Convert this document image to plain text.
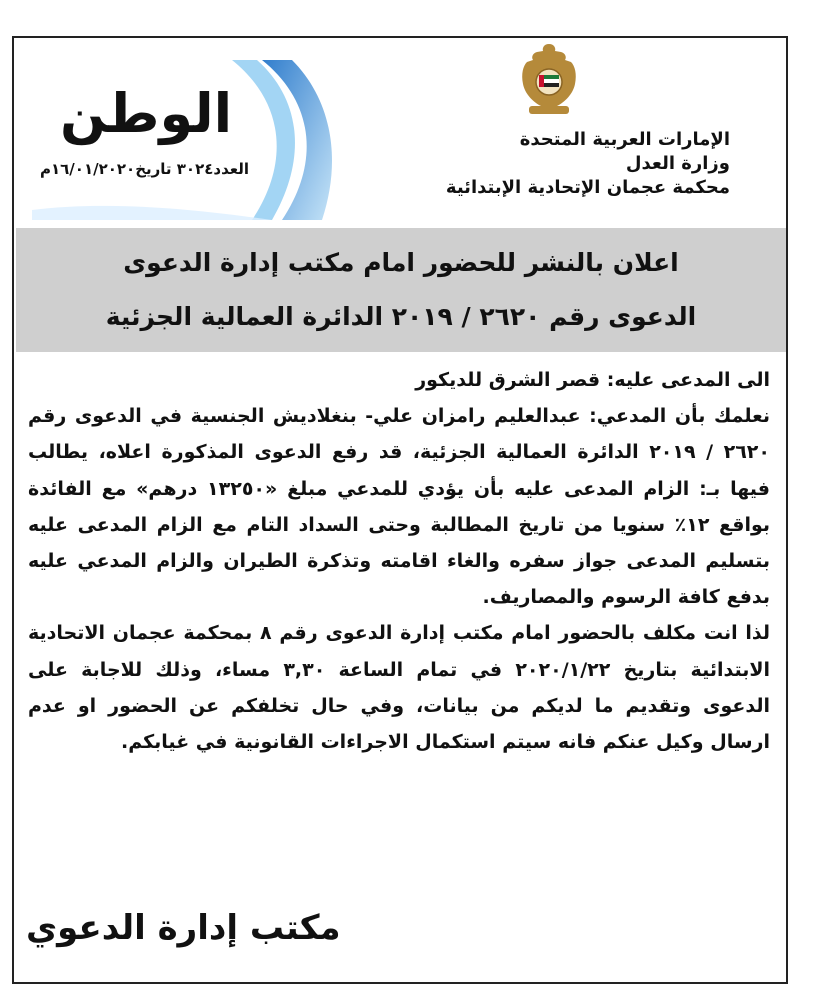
الإمارات العربية المتحدة
وزارة العدل
محكمة عجمان الإتحادية الإبتدائية
الوطن
العدد٣٠٢٤ تاريخ١٦/٠١/٢٠٢٠م
اعلان بالنشر للحضور امام مكتب إدارة الدعوى
الدعوى رقم ٢٦٢٠ / ٢٠١٩ الدائرة العمالية الجزئية

الى المدعى عليه: قصر الشرق للديكور

نعلمك بأن المدعي: عبدالعليم رامزان علي- بنغلاديش الجنسية في الدعوى رقم ٢٦٢٠ / ٢٠١٩ الدائرة العمالية الجزئية، قد رفع الدعوى المذكورة اعلاه، يطالب فيها بـ: الزام المدعى عليه بأن يؤدي للمدعي مبلغ «١٣٢٥٠ درهم» مع الفائدة بواقع ١٢٪ سنويا من تاريخ المطالبة وحتى السداد التام مع الزام المدعى عليه بتسليم المدعى جواز سفره والغاء اقامته وتذكرة الطيران والزام المدعي عليه بدفع كافة الرسوم والمصاريف.

لذا انت مكلف بالحضور امام مكتب إدارة الدعوى رقم ٨ بمحكمة عجمان الاتحادية الابتدائية بتاريخ ٢٠٢٠/١/٢٢ في تمام الساعة ٣,٣٠ مساء، وذلك للاجابة على الدعوى وتقديم ما لديكم من بيانات، وفي حال تخلفكم عن الحضور او عدم ارسال وكيل عنكم فانه سيتم استكمال الاجراءات القانونية في غيابكم.

مكتب إدارة الدعوي
